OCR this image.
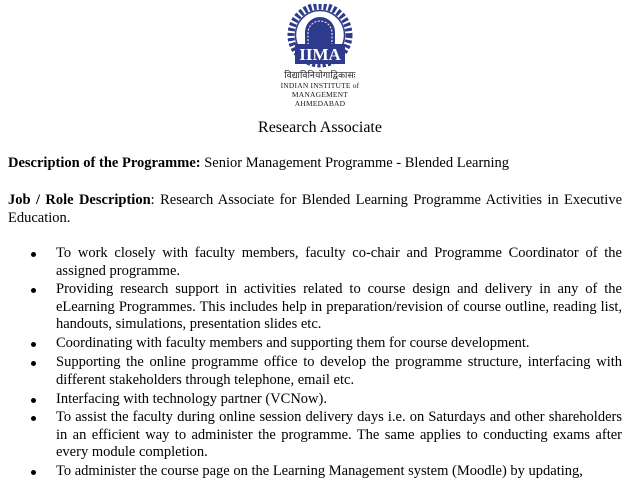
IIMA
विद्याविनियोगाद्विकासः
INDIAN INSTITUTE of
MANAGEMENT AHMEDABAD
Research Associate
Description of the Programme: Senior Management Programme - Blended Learning
Job / Role Description: Research Associate for Blended Learning Programme Activities in Executive Education.
To work closely with faculty members, faculty co-chair and Programme Coordinator of the assigned programme.
Providing research support in activities related to course design and delivery in any of the eLearning Programmes. This includes help in preparation/revision of course outline, reading list, handouts, simulations, presentation slides etc.
Coordinating with faculty members and supporting them for course development.
Supporting the online programme office to develop the programme structure, interfacing with different stakeholders through telephone, email etc.
Interfacing with technology partner (VCNow).
To assist the faculty during online session delivery days i.e. on Saturdays and other shareholders in an efficient way to administer the programme. The same applies to conducting exams after every module completion.
To administer the course page on the Learning Management system (Moodle) by updating,
